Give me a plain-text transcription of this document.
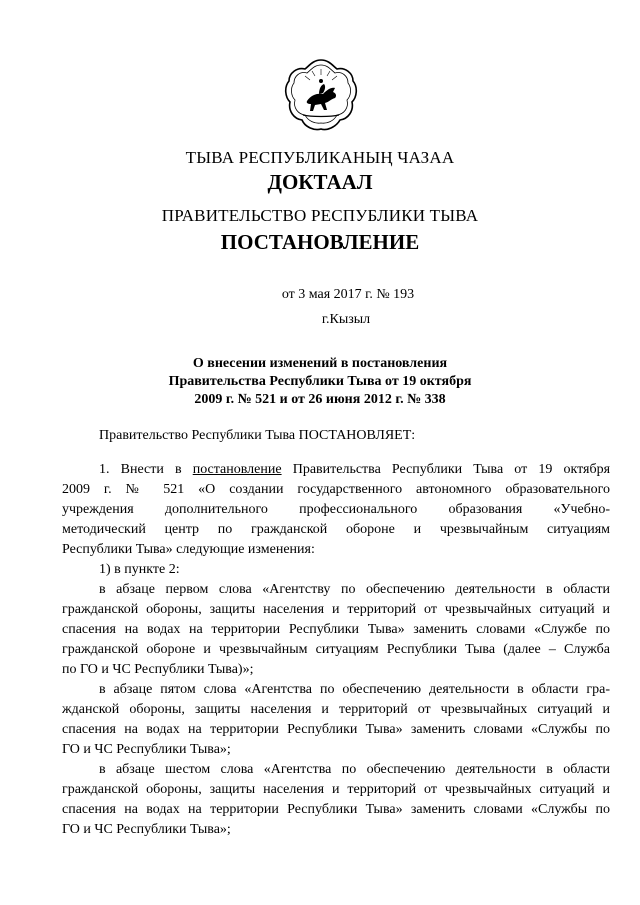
ТЫВА РЕСПУБЛИКАНЫҢ ЧАЗАА
ДОКТААЛ
ПРАВИТЕЛЬСТВО РЕСПУБЛИКИ ТЫВА
ПОСТАНОВЛЕНИЕ
от 3 мая 2017 г. № 193
г.Кызыл
О внесении изменений в постановления
Правительства Республики Тыва от 19 октября
2009 г. № 521 и от 26 июня 2012 г. № 338
Правительство Республики Тыва ПОСТАНОВЛЯЕТ:
1. Внести в постановление Правительства Республики Тыва от 19 октября
2009 г. № 521 «О создании государственного автономного образовательного
учреждения дополнительного профессионального образования «Учебно-
методический центр по гражданской обороне и чрезвычайным ситуациям
Республики Тыва» следующие изменения:
1) в пункте 2:
в абзаце первом слова «Агентству по обеспечению деятельности в области
гражданской обороны, защиты населения и территорий от чрезвычайных ситуаций и
спасения на водах на территории Республики Тыва» заменить словами «Службе по
гражданской обороне и чрезвычайным ситуациям Республики Тыва (далее – Служба
по ГО и ЧС Республики Тыва)»;
в абзаце пятом слова «Агентства по обеспечению деятельности в области гра-
жданской обороны, защиты населения и территорий от чрезвычайных ситуаций и
спасения на водах на территории Республики Тыва» заменить словами «Службы по
ГО и ЧС Республики Тыва»;
в абзаце шестом слова «Агентства по обеспечению деятельности в области
гражданской обороны, защиты населения и территорий от чрезвычайных ситуаций и
спасения на водах на территории Республики Тыва» заменить словами «Службы по
ГО и ЧС Республики Тыва»;
